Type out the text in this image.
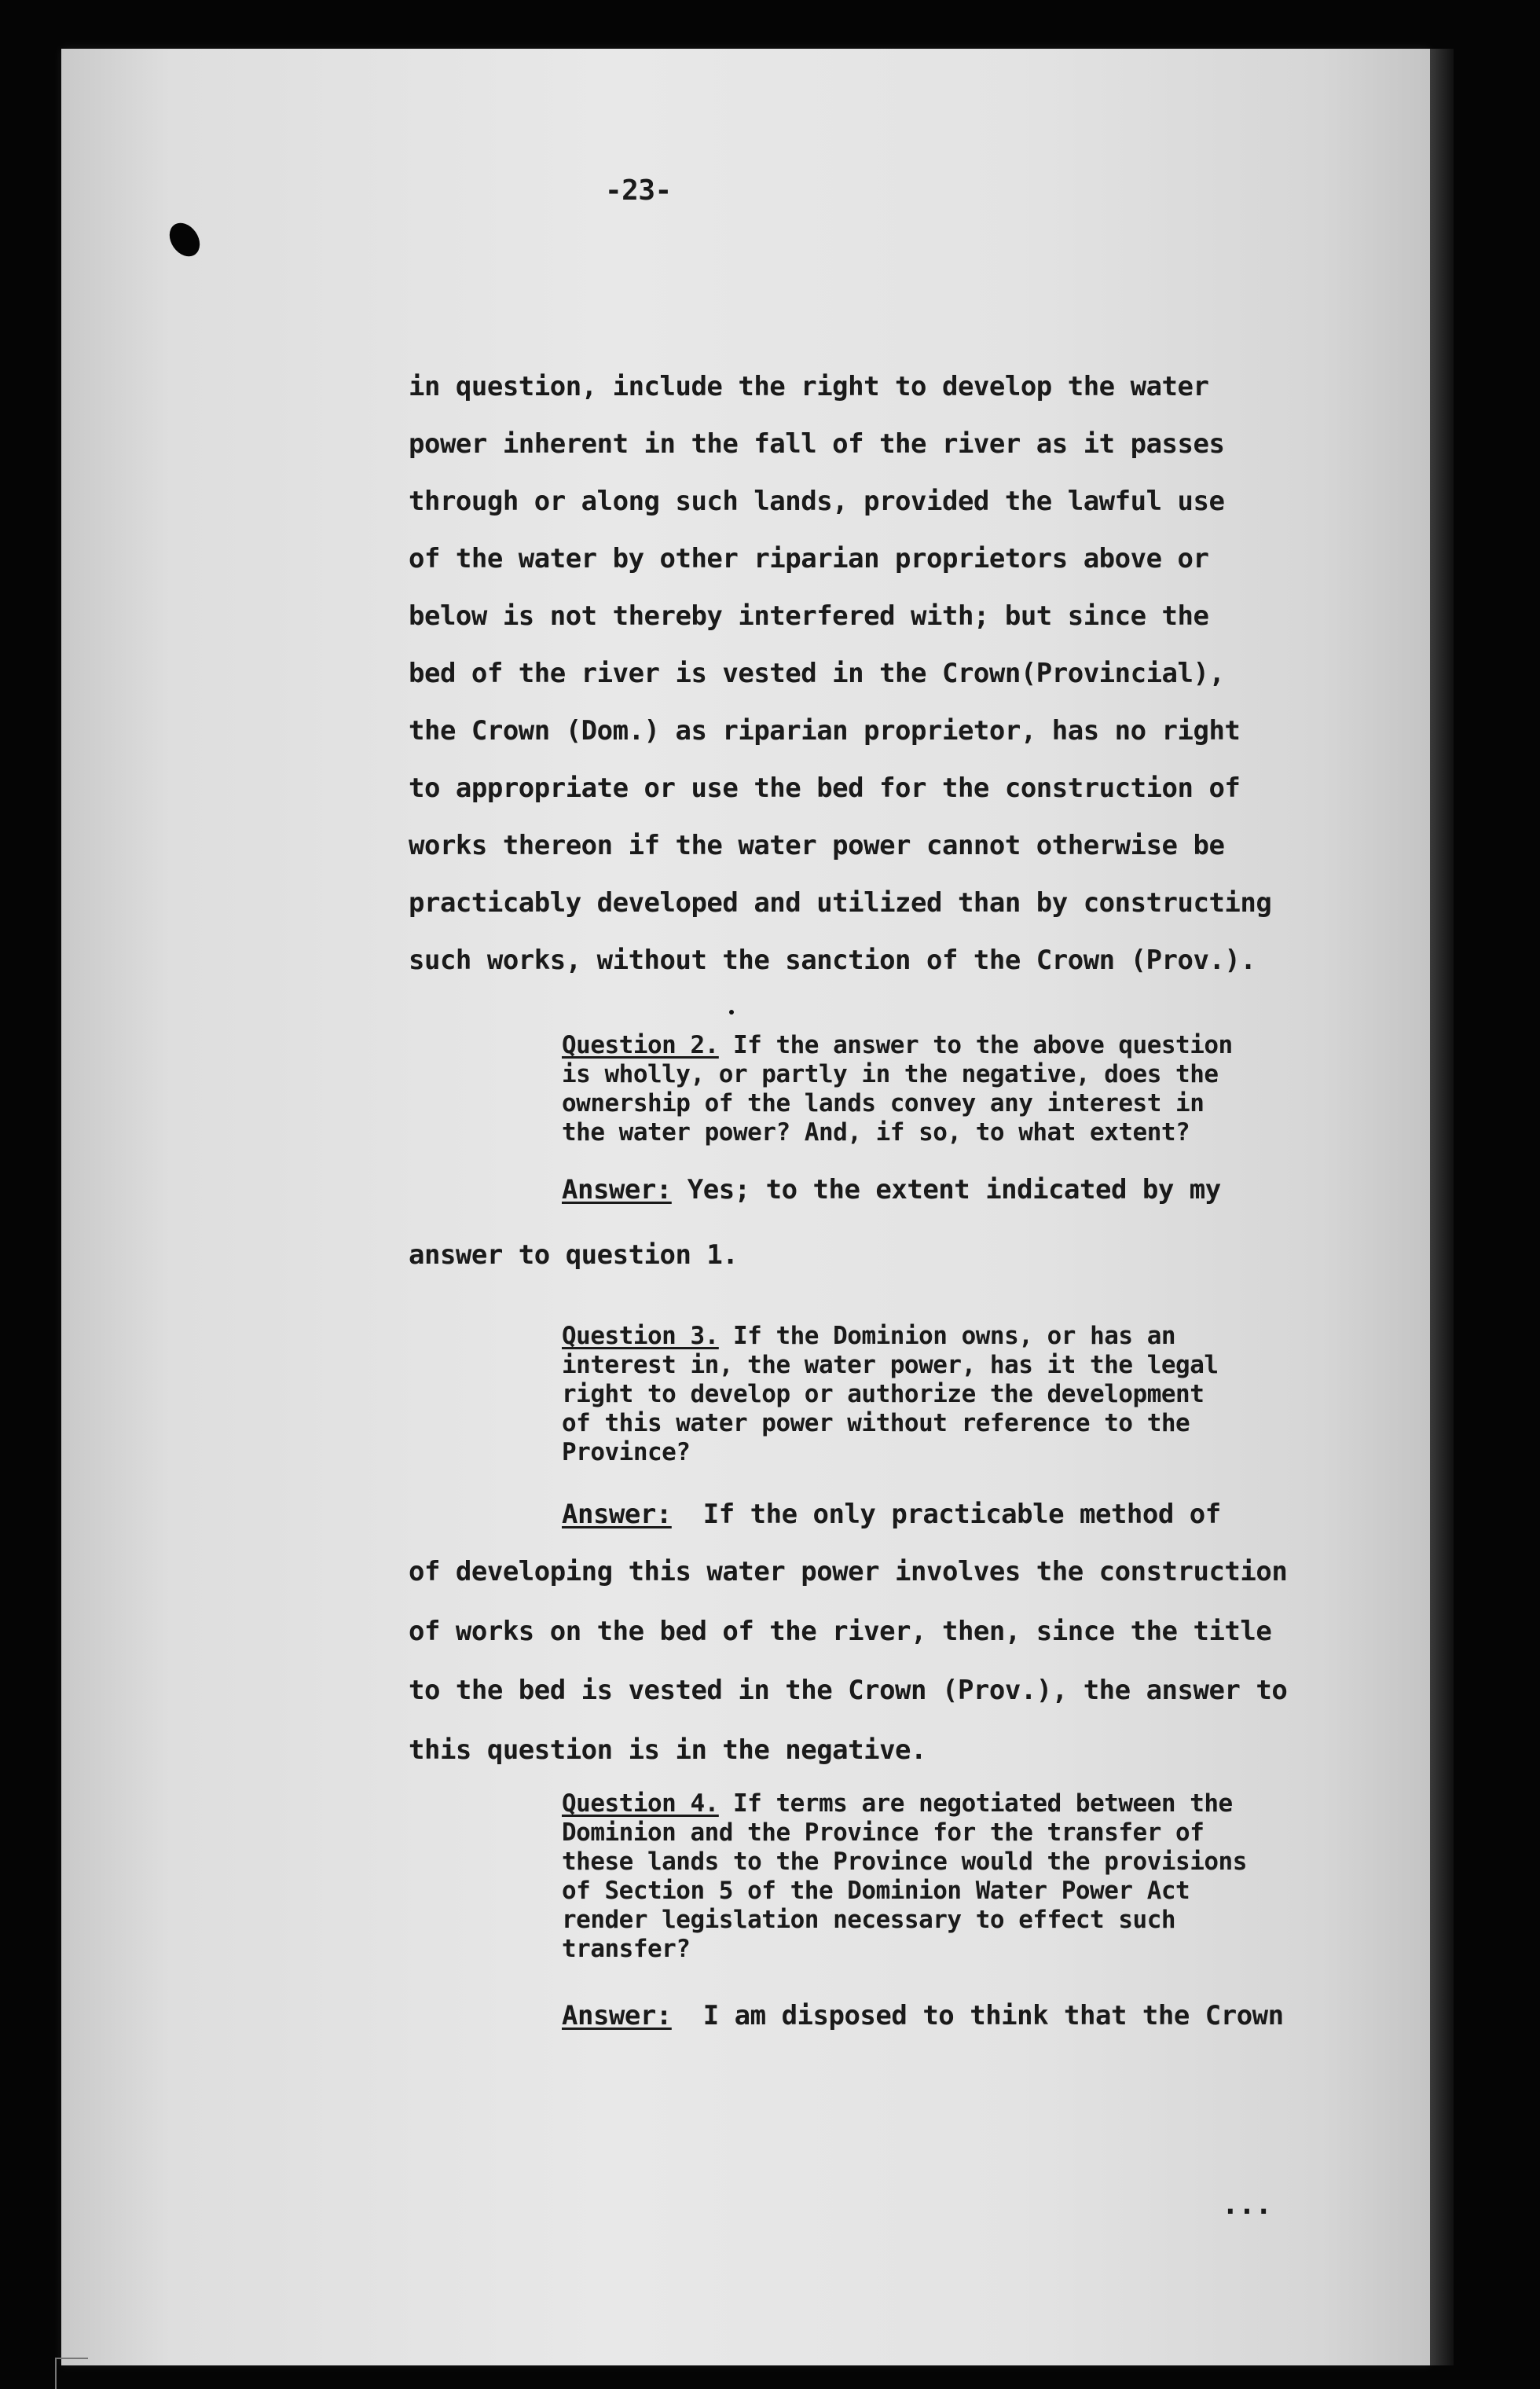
-23-
in question, include the right to develop the water
power inherent in the fall of the river as it passes
through or along such lands, provided the lawful use
of the water by other riparian proprietors above or
below is not thereby interfered with; but since the
bed of the river is vested in the Crown(Provincial),
the Crown (Dom.) as riparian proprietor, has no right
to appropriate or use the bed for the construction of
works thereon if the water power cannot otherwise be
practicably developed and utilized than by constructing
such works, without the sanction of the Crown (Prov.).
Question 2. If the answer to the above question
is wholly, or partly in the negative, does the
ownership of the lands convey any interest in
the water power? And, if so, to what extent?
Answer: Yes; to the extent indicated by my
answer to question 1.
Question 3. If the Dominion owns, or has an
interest in, the water power, has it the legal
right to develop or authorize the development
of this water power without reference to the
Province?
Answer:  If the only practicable method of
of developing this water power involves the construction
of works on the bed of the river, then, since the title
to the bed is vested in the Crown (Prov.), the answer to
this question is in the negative.
Question 4. If terms are negotiated between the
Dominion and the Province for the transfer of
these lands to the Province would the provisions
of Section 5 of the Dominion Water Power Act
render legislation necessary to effect such
transfer?
Answer:  I am disposed to think that the Crown
...
